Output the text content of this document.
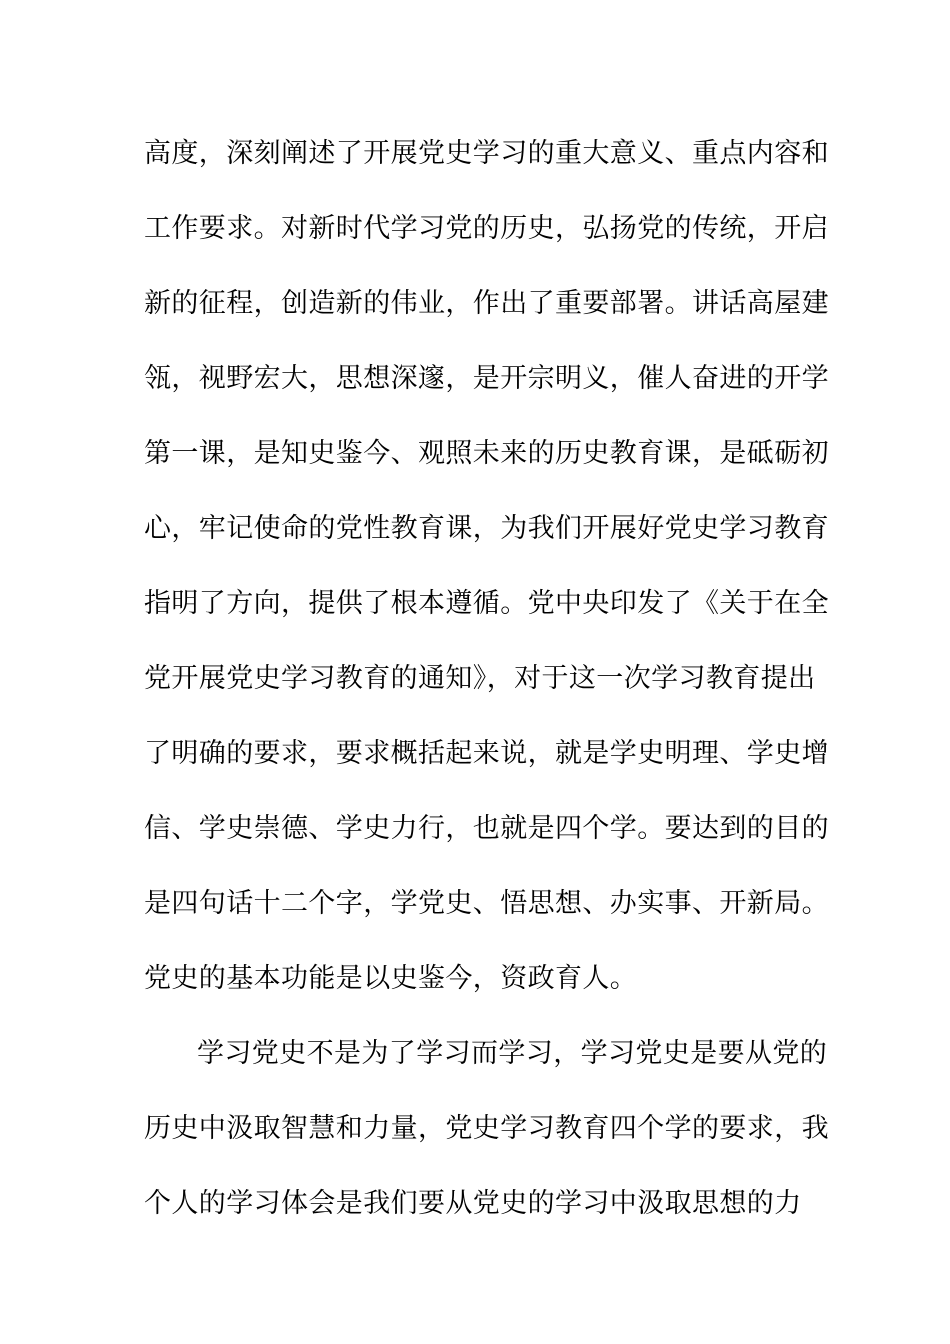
高度，深刻阐述了开展党史学习的重大意义、重点内容和
工作要求。对新时代学习党的历史，弘扬党的传统，开启
新的征程，创造新的伟业，作出了重要部署。讲话高屋建
瓴，视野宏大，思想深邃，是开宗明义，催人奋进的开学
第一课，是知史鉴今、观照未来的历史教育课，是砥砺初
心，牢记使命的党性教育课，为我们开展好党史学习教育
指明了方向，提供了根本遵循。党中央印发了《关于在全
党开展党史学习教育的通知》，对于这一次学习教育提出
了明确的要求，要求概括起来说，就是学史明理、学史增
信、学史崇德、学史力行，也就是四个学。要达到的目的
是四句话十二个字，学党史、悟思想、办实事、开新局。
党史的基本功能是以史鉴今，资政育人。
学习党史不是为了学习而学习，学习党史是要从党的
历史中汲取智慧和力量，党史学习教育四个学的要求，我
个人的学习体会是我们要从党史的学习中汲取思想的力
